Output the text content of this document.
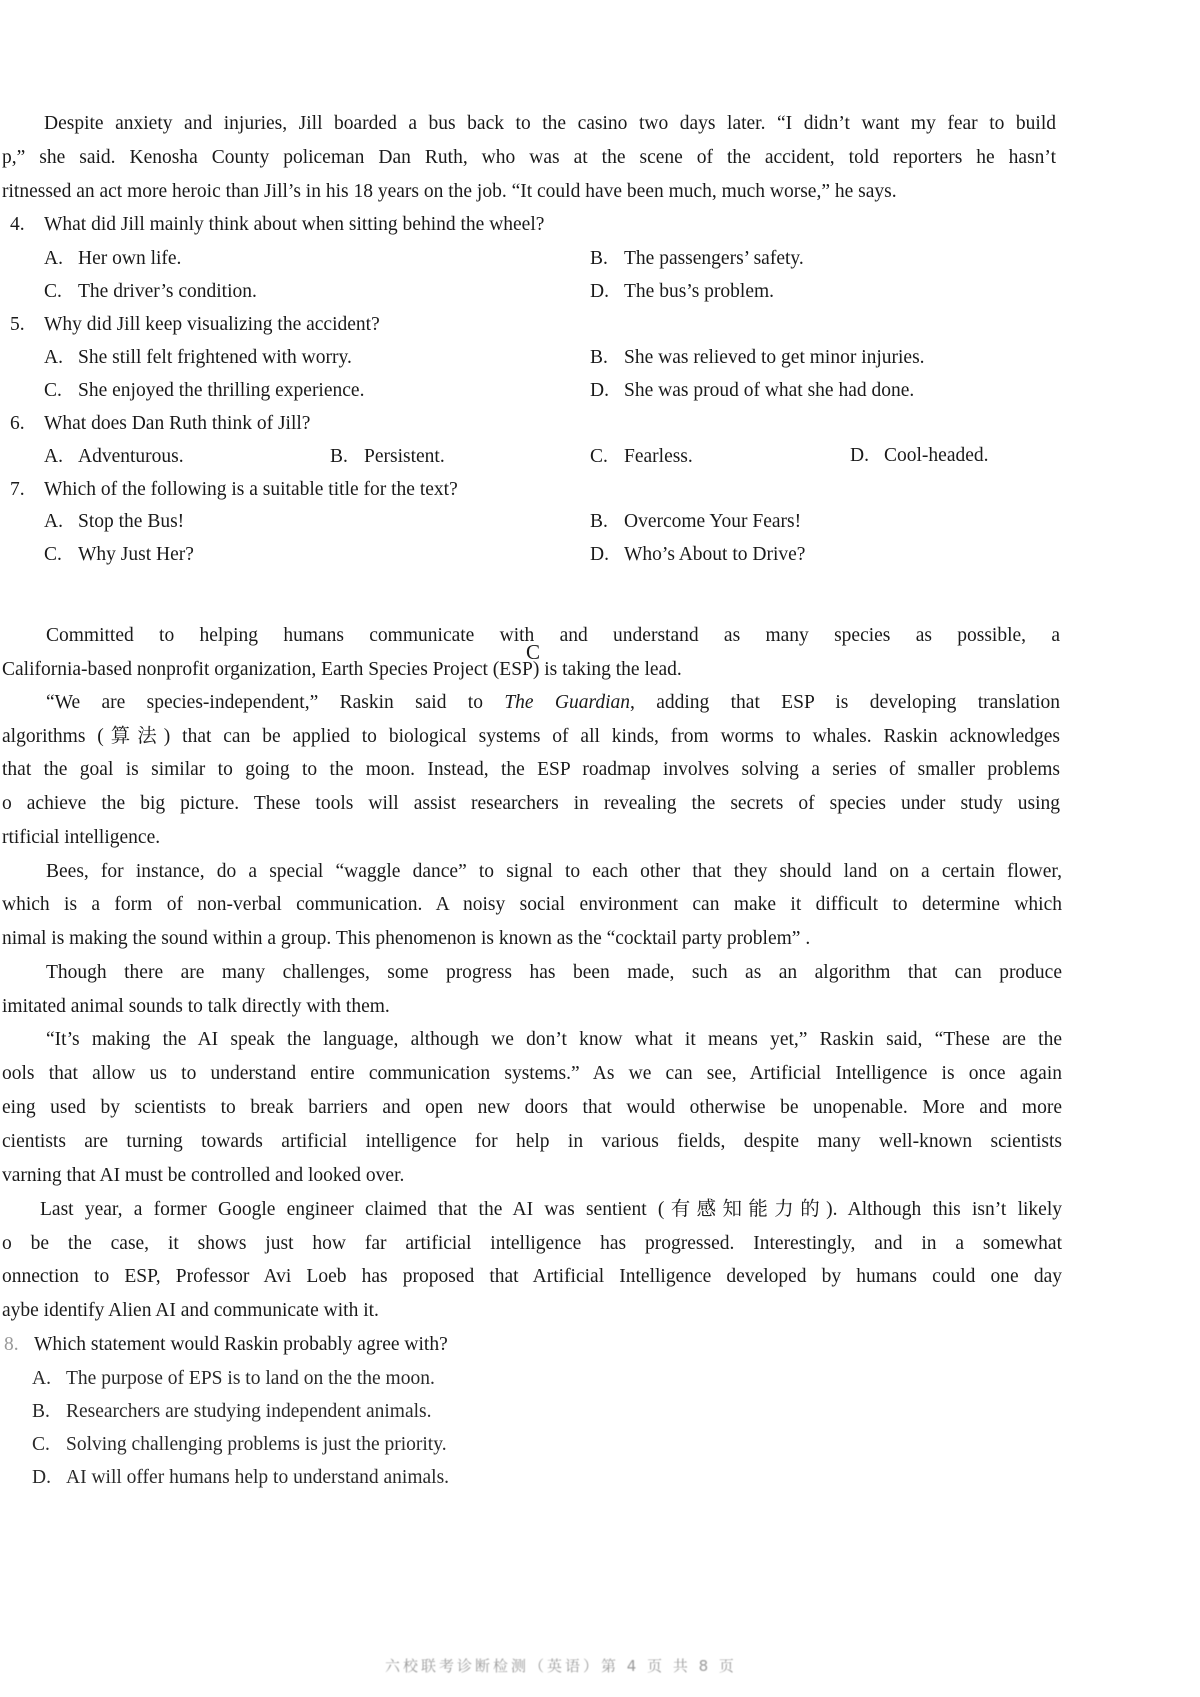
Despite anxiety and injuries, Jill boarded a bus back to the casino two days later. “I didn’t want my fear to build
p,” she said. Kenosha County policeman Dan Ruth, who was at the scene of the accident, told reporters he hasn’t
ritnessed an act more heroic than Jill’s in his 18 years on the job. “It could have been much, much worse,” he says.
4. What did Jill mainly think about when sitting behind the wheel?
A. Her own life.	B. The passengers’ safety.
C. The driver’s condition.	D. The bus’s problem.
5. Why did Jill keep visualizing the accident?
A. She still felt frightened with worry.	B. She was relieved to get minor injuries.
C. She enjoyed the thrilling experience.	D. She was proud of what she had done.
6. What does Dan Ruth think of Jill?
A. Adventurous.	B. Persistent.	C. Fearless.	D. Cool-headed.
7. Which of the following is a suitable title for the text?
A. Stop the Bus!	B. Overcome Your Fears!
C. Why Just Her?	D. Who’s About to Drive?
C
Committed to helping humans communicate with and understand as many species as possible, a
California-based nonprofit organization, Earth Species Project (ESP) is taking the lead.
“We are species-independent,” Raskin said to The Guardian, adding that ESP is developing translation
algorithms (算法) that can be applied to biological systems of all kinds, from worms to whales. Raskin acknowledges
that the goal is similar to going to the moon. Instead, the ESP roadmap involves solving a series of smaller problems
o achieve the big picture. These tools will assist researchers in revealing the secrets of species under study using
rtificial intelligence.
Bees, for instance, do a special “waggle dance” to signal to each other that they should land on a certain flower,
which is a form of non-verbal communication. A noisy social environment can make it difficult to determine which
nimal is making the sound within a group. This phenomenon is known as the “cocktail party problem” .
Though there are many challenges, some progress has been made, such as an algorithm that can produce
imitated animal sounds to talk directly with them.
“It’s making the AI speak the language, although we don’t know what it means yet,” Raskin said, “These are the
ools that allow us to understand entire communication systems.” As we can see, Artificial Intelligence is once again
eing used by scientists to break barriers and open new doors that would otherwise be unopenable. More and more
cientists are turning towards artificial intelligence for help in various fields, despite many well-known scientists
varning that AI must be controlled and looked over.
Last year, a former Google engineer claimed that the AI was sentient (有感知能力的). Although this isn’t likely
o be the case, it shows just how far artificial intelligence has progressed. Interestingly, and in a somewhat
onnection to ESP, Professor Avi Loeb has proposed that Artificial Intelligence developed by humans could one day
aybe identify Alien AI and communicate with it.
8. Which statement would Raskin probably agree with?
A. The purpose of EPS is to land on the the moon.
B. Researchers are studying independent animals.
C. Solving challenging problems is just the priority.
D. AI will offer humans help to understand animals.
六校联考诊断检测（英语）第 4 页 共 8 页
